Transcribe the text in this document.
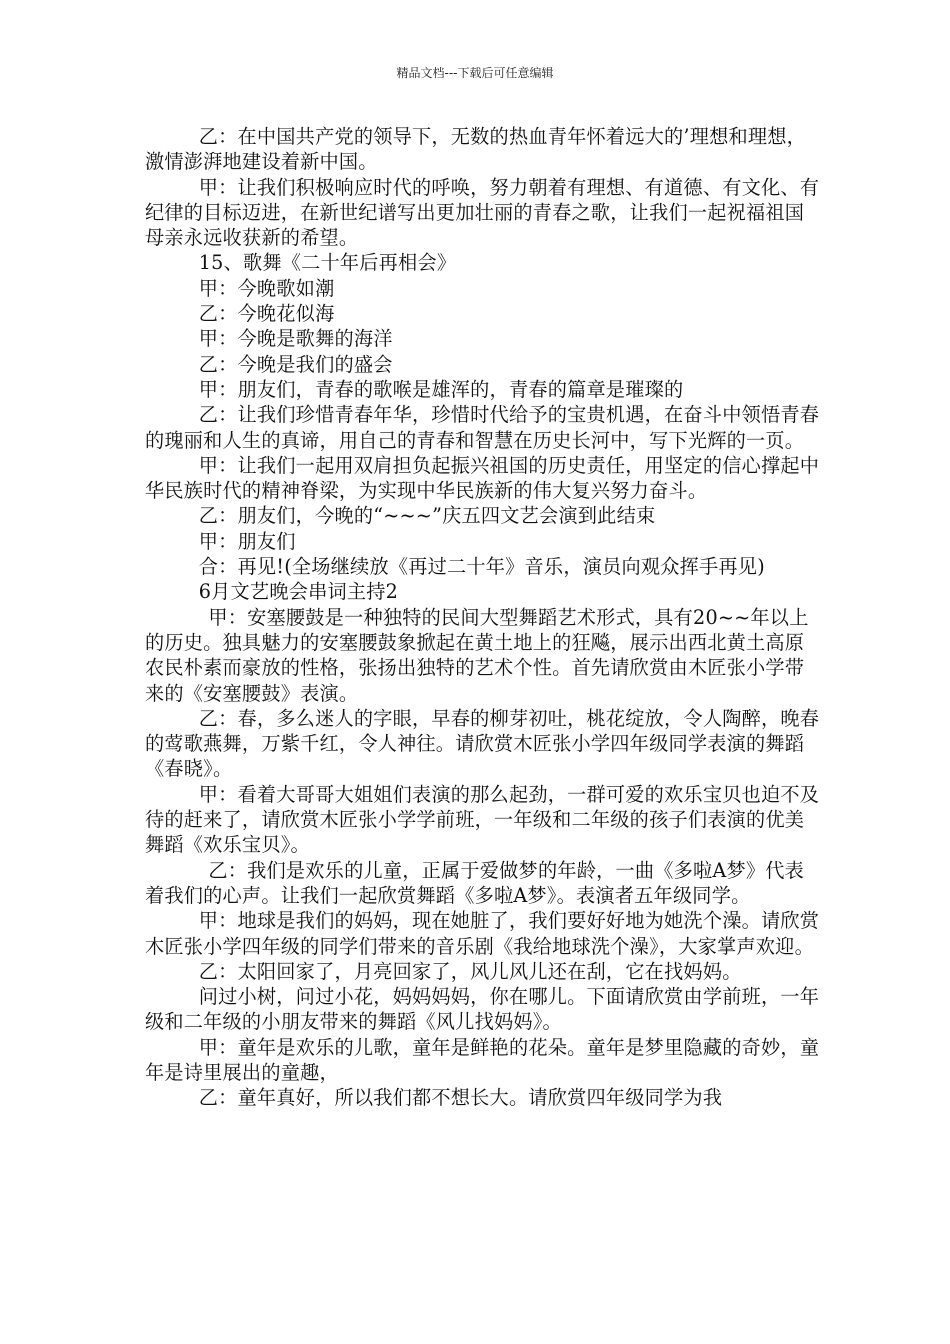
精品文档---下载后可任意编辑

乙：在中国共产党的领导下，无数的热血青年怀着远大的’理想和理想，激情澎湃地建设着新中国。

甲：让我们积极响应时代的呼唤，努力朝着有理想、有道德、有文化、有纪律的目标迈进，在新世纪谱写出更加壮丽的青春之歌，让我们一起祝福祖国母亲永远收获新的希望。

15、歌舞《二十年后再相会》

甲：今晚歌如潮

乙：今晚花似海

甲：今晚是歌舞的海洋

乙：今晚是我们的盛会

甲：朋友们，青春的歌喉是雄浑的，青春的篇章是璀璨的

乙：让我们珍惜青春年华，珍惜时代给予的宝贵机遇，在奋斗中领悟青春的瑰丽和人生的真谛，用自己的青春和智慧在历史长河中，写下光辉的一页。

甲：让我们一起用双肩担负起振兴祖国的历史责任，用坚定的信心撑起中华民族时代的精神脊梁，为实现中华民族新的伟大复兴努力奋斗。

乙：朋友们，今晚的“~~~”庆五四文艺会演到此结束

甲：朋友们

合：再见!(全场继续放《再过二十年》音乐，演员向观众挥手再见)

6月文艺晚会串词主持2

甲：安塞腰鼓是一种独特的民间大型舞蹈艺术形式，具有20~~年以上的历史。独具魅力的安塞腰鼓象掀起在黄土地上的狂飚，展示出西北黄土高原农民朴素而豪放的性格，张扬出独特的艺术个性。首先请欣赏由木匠张小学带来的《安塞腰鼓》表演。

乙：春，多么迷人的字眼，早春的柳芽初吐，桃花绽放，令人陶醉，晚春的莺歌燕舞，万紫千红，令人神往。请欣赏木匠张小学四年级同学表演的舞蹈《春晓》。

甲：看着大哥哥大姐姐们表演的那么起劲，一群可爱的欢乐宝贝也迫不及待的赶来了，请欣赏木匠张小学学前班，一年级和二年级的孩子们表演的优美舞蹈《欢乐宝贝》。

乙：我们是欢乐的儿童，正属于爱做梦的年龄，一曲《多啦A梦》代表着我们的心声。让我们一起欣赏舞蹈《多啦A梦》。表演者五年级同学。

甲：地球是我们的妈妈，现在她脏了，我们要好好地为她洗个澡。请欣赏木匠张小学四年级的同学们带来的音乐剧《我给地球洗个澡》，大家掌声欢迎。

乙：太阳回家了，月亮回家了，风儿风儿还在刮，它在找妈妈。

问过小树，问过小花，妈妈妈妈，你在哪儿。下面请欣赏由学前班，一年级和二年级的小朋友带来的舞蹈《风儿找妈妈》。

甲：童年是欢乐的儿歌，童年是鲜艳的花朵。童年是梦里隐藏的奇妙，童年是诗里展出的童趣，

乙：童年真好，所以我们都不想长大。请欣赏四年级同学为我
